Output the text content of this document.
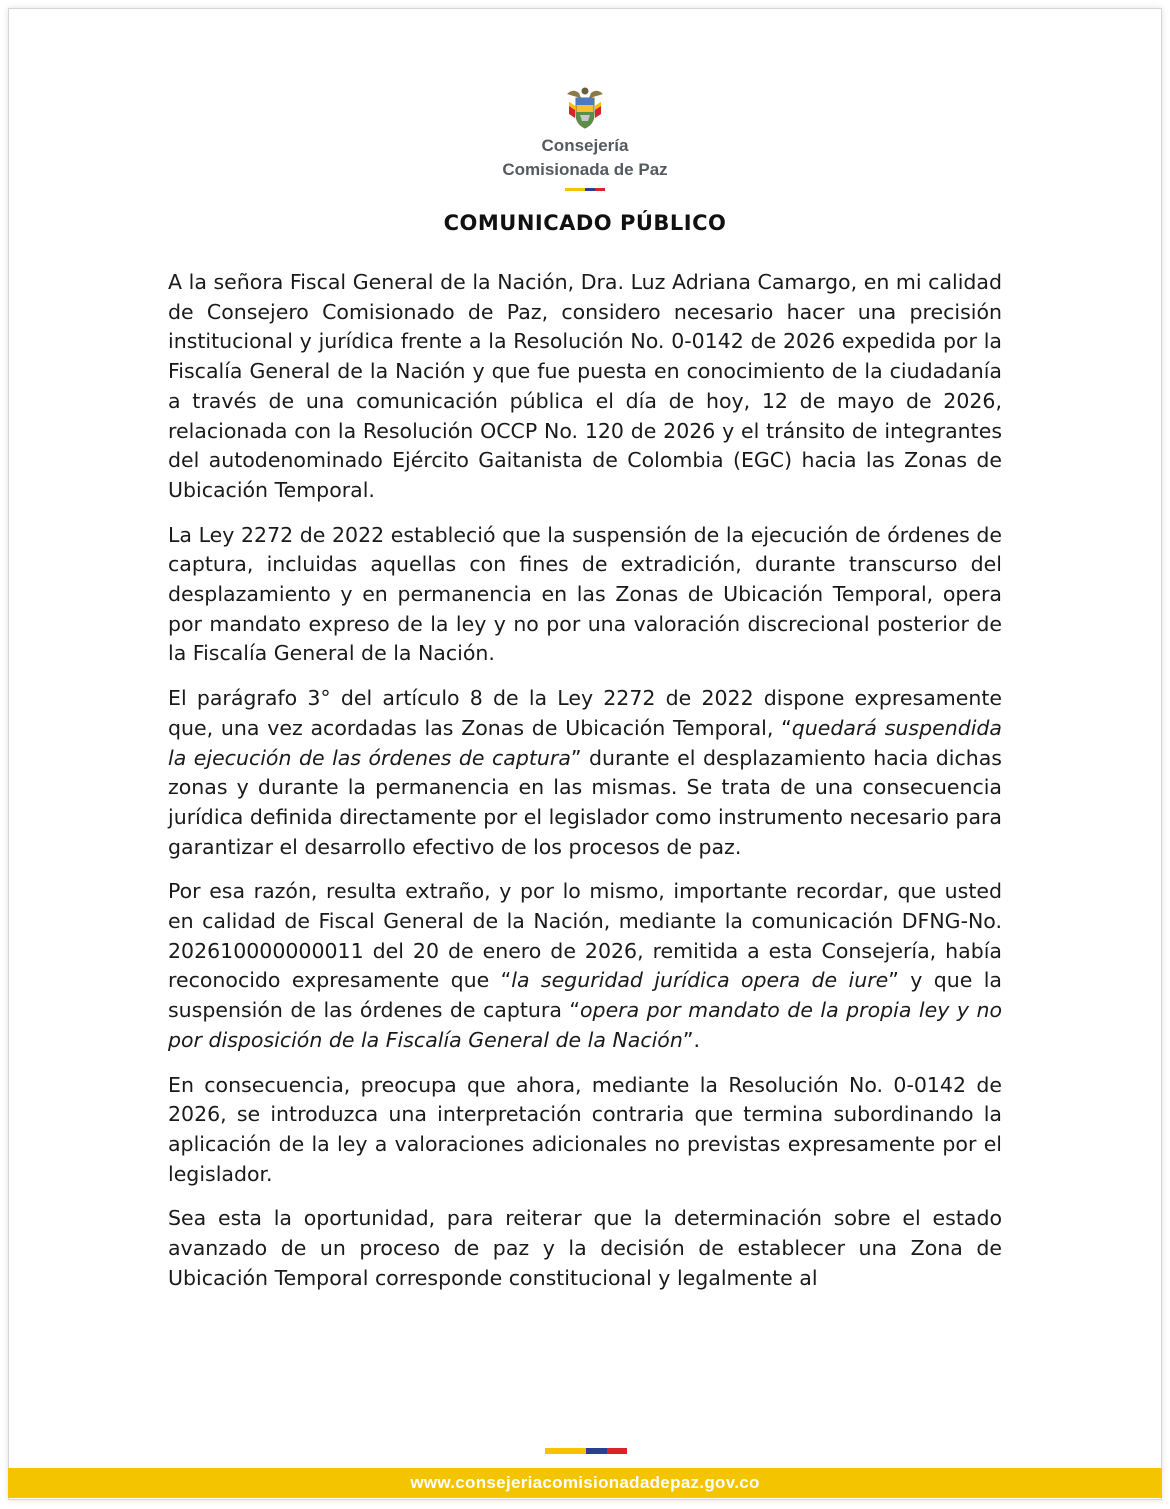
Consejería
Comisionada de Paz
COMUNICADO PÚBLICO

A la señora Fiscal General de la Nación, Dra. Luz Adriana Camargo, en mi calidad de Consejero Comisionado de Paz, considero necesario hacer una precisión institucional y jurídica frente a la Resolución No. 0-0142 de 2026 expedida por la Fiscalía General de la Nación y que fue puesta en conocimiento de la ciudadanía a través de una comunicación pública el día de hoy, 12 de mayo de 2026, relacionada con la Resolución OCCP No. 120 de 2026 y el tránsito de integrantes del autodenominado Ejército Gaitanista de Colombia (EGC) hacia las Zonas de Ubicación Temporal.

La Ley 2272 de 2022 estableció que la suspensión de la ejecución de órdenes de captura, incluidas aquellas con fines de extradición, durante transcurso del desplazamiento y en permanencia en las Zonas de Ubicación Temporal, opera por mandato expreso de la ley y no por una valoración discrecional posterior de la Fiscalía General de la Nación.

El parágrafo 3° del artículo 8 de la Ley 2272 de 2022 dispone expresamente que, una vez acordadas las Zonas de Ubicación Temporal, “quedará suspendida la ejecución de las órdenes de captura” durante el desplazamiento hacia dichas zonas y durante la permanencia en las mismas. Se trata de una consecuencia jurídica definida directamente por el legislador como instrumento necesario para garantizar el desarrollo efectivo de los procesos de paz.

Por esa razón, resulta extraño, y por lo mismo, importante recordar, que usted en calidad de Fiscal General de la Nación, mediante la comunicación DFNG-No. 202610000000011 del 20 de enero de 2026, remitida a esta Consejería, había reconocido expresamente que “la seguridad jurídica opera de iure” y que la suspensión de las órdenes de captura “opera por mandato de la propia ley y no por disposición de la Fiscalía General de la Nación”.

En consecuencia, preocupa que ahora, mediante la Resolución No. 0-0142 de 2026, se introduzca una interpretación contraria que termina subordinando la aplicación de la ley a valoraciones adicionales no previstas expresamente por el legislador.

Sea esta la oportunidad, para reiterar que la determinación sobre el estado avanzado de un proceso de paz y la decisión de establecer una Zona de Ubicación Temporal corresponde constitucional y legalmente al

www.consejeriacomisionadadepaz.gov.co
